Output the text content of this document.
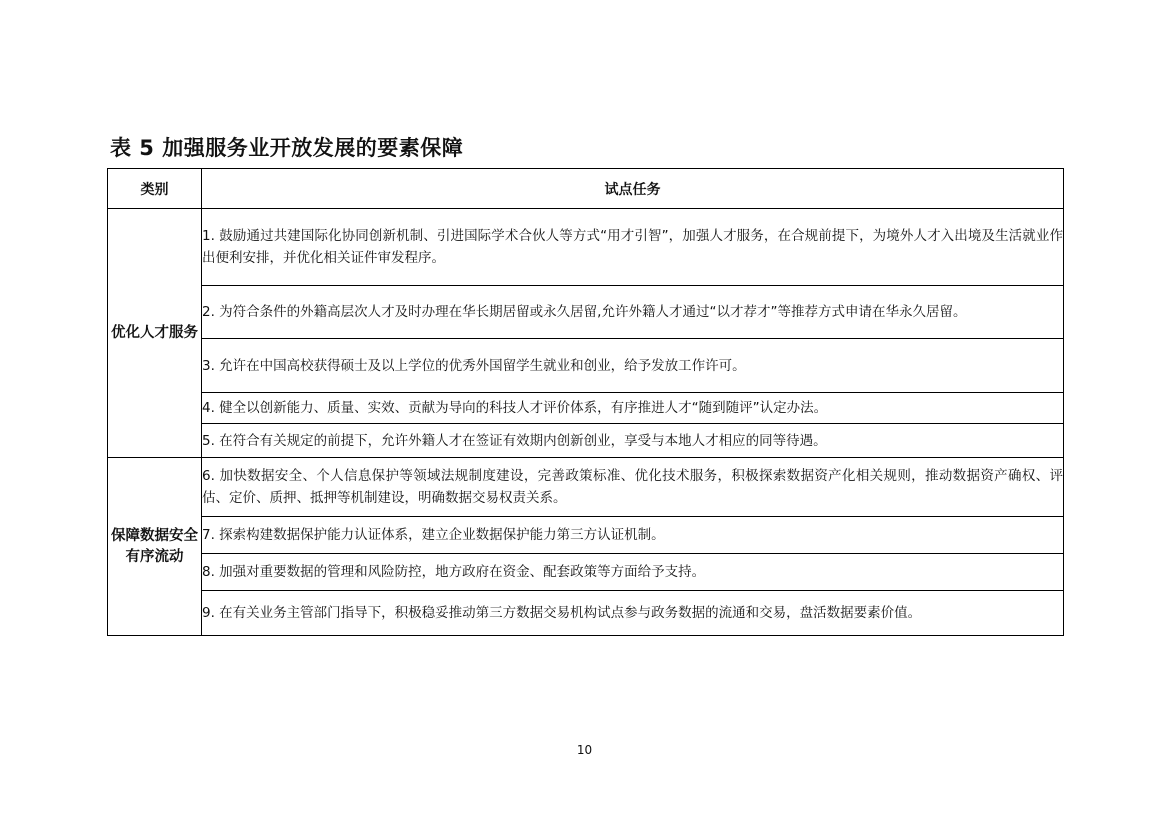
表 5 加强服务业开放发展的要素保障
类别	试点任务
优化人才服务	1. 鼓励通过共建国际化协同创新机制、引进国际学术合伙人等方式“用才引智”，加强人才服务，在合规前提下，为境外人才入出境及生活就业作出便利安排，并优化相关证件审发程序。
	2. 为符合条件的外籍高层次人才及时办理在华长期居留或永久居留,允许外籍人才通过“以才荐才”等推荐方式申请在华永久居留。
	3. 允许在中国高校获得硕士及以上学位的优秀外国留学生就业和创业，给予发放工作许可。
	4. 健全以创新能力、质量、实效、贡献为导向的科技人才评价体系，有序推进人才“随到随评”认定办法。
	5. 在符合有关规定的前提下，允许外籍人才在签证有效期内创新创业，享受与本地人才相应的同等待遇。
保障数据安全有序流动	6. 加快数据安全、个人信息保护等领域法规制度建设，完善政策标准、优化技术服务，积极探索数据资产化相关规则，推动数据资产确权、评估、定价、质押、抵押等机制建设，明确数据交易权责关系。
	7. 探索构建数据保护能力认证体系，建立企业数据保护能力第三方认证机制。
	8. 加强对重要数据的管理和风险防控，地方政府在资金、配套政策等方面给予支持。
	9. 在有关业务主管部门指导下，积极稳妥推动第三方数据交易机构试点参与政务数据的流通和交易，盘活数据要素价值。
10
